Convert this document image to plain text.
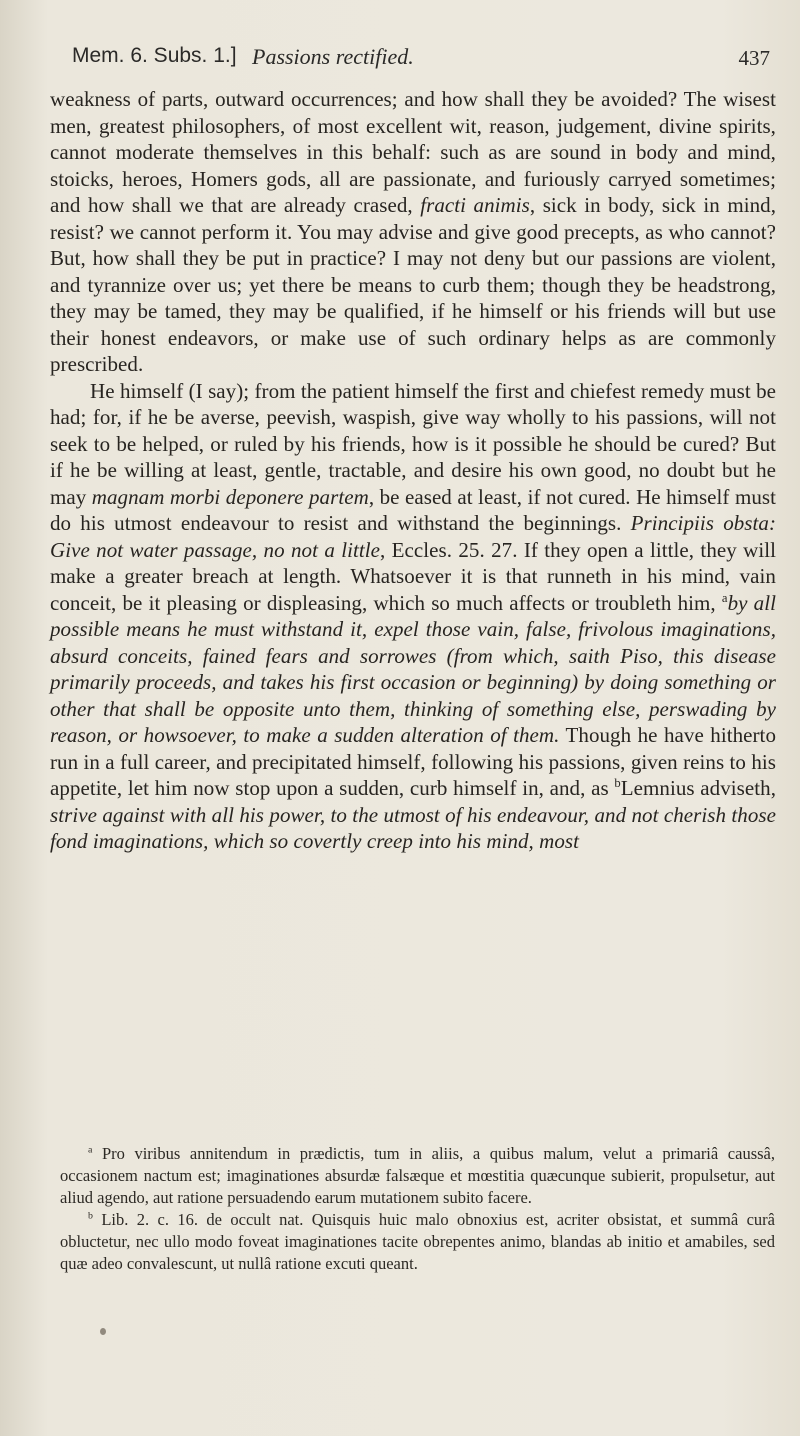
Mem. 6. Subs. 1.] Passions rectified.	437

weakness of parts, outward occurrences; and how shall they be avoided? The wisest men, greatest philosophers, of most excellent wit, reason, judgement, divine spirits, cannot moderate themselves in this behalf: such as are sound in body and mind, stoicks, heroes, Homers gods, all are passionate, and furiously carryed sometimes; and how shall we that are already crased, fracti animis, sick in body, sick in mind, resist? we cannot perform it. You may advise and give good precepts, as who cannot? But, how shall they be put in practice? I may not deny but our passions are violent, and tyrannize over us; yet there be means to curb them; though they be headstrong, they may be tamed, they may be qualified, if he himself or his friends will but use their honest endeavors, or make use of such ordinary helps as are commonly prescribed.

He himself (I say); from the patient himself the first and chiefest remedy must be had; for, if he be averse, peevish, waspish, give way wholly to his passions, will not seek to be helped, or ruled by his friends, how is it possible he should be cured? But if he be willing at least, gentle, tractable, and desire his own good, no doubt but he may magnam morbi deponere partem, be eased at least, if not cured. He himself must do his utmost endeavour to resist and withstand the beginnings. Principiis obsta: Give not water passage, no not a little, Eccles. 25. 27. If they open a little, they will make a greater breach at length. Whatsoever it is that runneth in his mind, vain conceit, be it pleasing or displeasing, which so much affects or troubleth him, $^a$by all possible means he must withstand it, expel those vain, false, frivolous imaginations, absurd conceits, fained fears and sorrowes (from which, saith Piso, this disease primarily proceeds, and takes his first occasion or beginning) by doing something or other that shall be opposite unto them, thinking of something else, perswading by reason, or howsoever, to make a sudden alteration of them. Though he have hitherto run in a full career, and precipitated himself, following his passions, given reins to his appetite, let him now stop upon a sudden, curb himself in, and, as $^b$Lemnius adviseth, strive against with all his power, to the utmost of his endeavour, and not cherish those fond imaginations, which so covertly creep into his mind, most

$^a$ Pro viribus annitendum in prædictis, tum in aliis, a quibus malum, velut a primariâ caussâ, occasionem nactum est; imaginationes absurdæ falsæque et mœstitia quæcunque subierit, propulsetur, aut aliud agendo, aut ratione persuadendo earum mutationem subito facere.

$^b$ Lib. 2. c. 16. de occult nat. Quisquis huic malo obnoxius est, acriter obsistat, et summâ curâ obluctetur, nec ullo modo foveat imaginationes tacite obrepentes animo, blandas ab initio et amabiles, sed quæ adeo convalescunt, ut nullâ ratione excuti queant.
